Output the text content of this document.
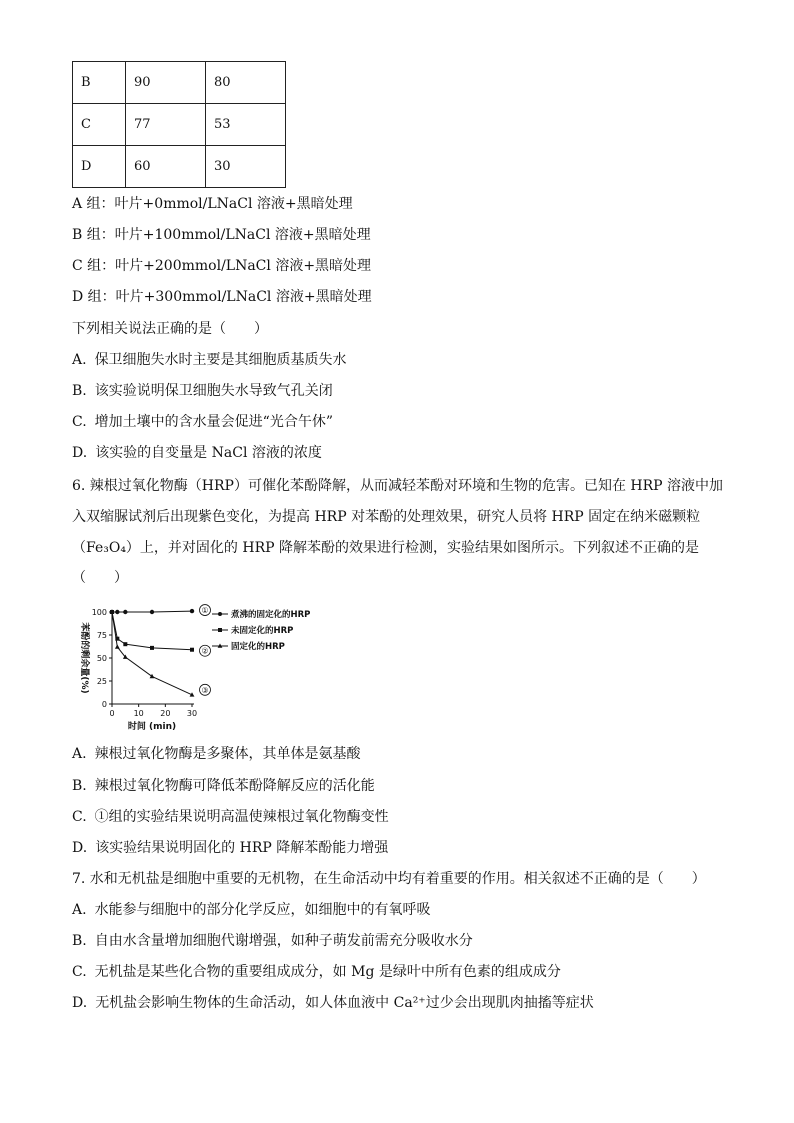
B	90	80
C	77	53
D	60	30
A 组：叶片+0mmol/LNaCl 溶液+黑暗处理
B 组：叶片+100mmol/LNaCl 溶液+黑暗处理
C 组：叶片+200mmol/LNaCl 溶液+黑暗处理
D 组：叶片+300mmol/LNaCl 溶液+黑暗处理
下列相关说法正确的是（　　）
A. 保卫细胞失水时主要是其细胞质基质失水
B. 该实验说明保卫细胞失水导致气孔关闭
C. 增加土壤中的含水量会促进“光合午休”
D. 该实验的自变量是 NaCl 溶液的浓度
6. 辣根过氧化物酶（HRP）可催化苯酚降解，从而减轻苯酚对环境和生物的危害。已知在 HRP 溶液中加
入双缩脲试剂后出现紫色变化，为提高 HRP 对苯酚的处理效果，研究人员将 HRP 固定在纳米磁颗粒
（Fe₃O₄）上，并对固化的 HRP 降解苯酚的效果进行检测，实验结果如图所示。下列叙述不正确的是
（　　）
0
25
50
75
100
0 10 20 30
时间 (min)
苯酚的剩余量(%)
①	煮沸的固定化的HRP
②
未固定化的HRP
③
固定化的HRP
A. 辣根过氧化物酶是多聚体，其单体是氨基酸
B. 辣根过氧化物酶可降低苯酚降解反应的活化能
C. ①组的实验结果说明高温使辣根过氧化物酶变性
D. 该实验结果说明固化的 HRP 降解苯酚能力增强
7. 水和无机盐是细胞中重要的无机物，在生命活动中均有着重要的作用。相关叙述不正确的是（　　）
A. 水能参与细胞中的部分化学反应，如细胞中的有氧呼吸
B. 自由水含量增加细胞代谢增强，如种子萌发前需充分吸收水分
C. 无机盐是某些化合物的重要组成成分，如 Mg 是绿叶中所有色素的组成成分
D. 无机盐会影响生物体的生命活动，如人体血液中 Ca²⁺过少会出现肌肉抽搐等症状
